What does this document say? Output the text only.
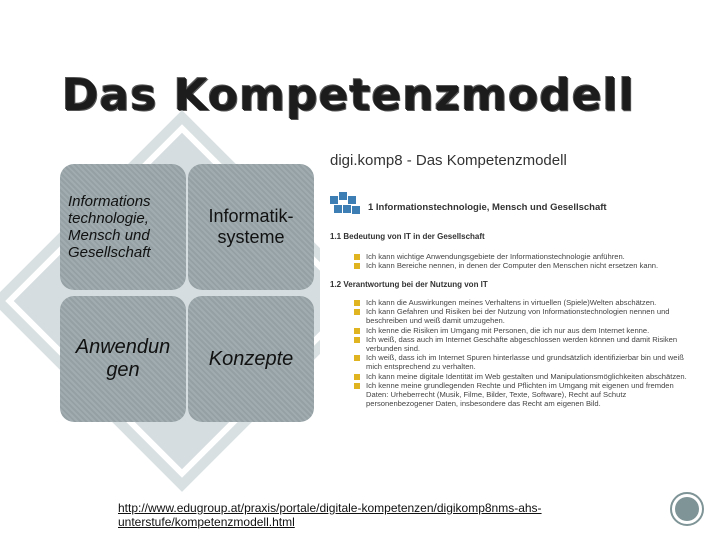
Das Kompetenzmodell
Informations technologie, Mensch und Gesellschaft
Informatik-systeme
Anwendun gen
Konzepte
digi.komp8 - Das Kompetenzmodell
1 Informationstechnologie, Mensch und Gesellschaft
1.1 Bedeutung von IT in der Gesellschaft
Ich kann wichtige Anwendungsgebiete der Informationstechnologie anführen.
Ich kann Bereiche nennen, in denen der Computer den Menschen nicht ersetzen kann.
1.2 Verantwortung bei der Nutzung von IT
Ich kann die Auswirkungen meines Verhaltens in virtuellen (Spiele)Welten abschätzen.
Ich kann Gefahren und Risiken bei der Nutzung von Informationstechnologien nennen und beschreiben und weiß damit umzugehen.
Ich kenne die Risiken im Umgang mit Personen, die ich nur aus dem Internet kenne.
Ich weiß, dass auch im Internet Geschäfte abgeschlossen werden können und damit Risiken verbunden sind.
Ich weiß, dass ich im Internet Spuren hinterlasse und grundsätzlich identifizierbar bin und weiß mich entsprechend zu verhalten.
Ich kann meine digitale Identität im Web gestalten und Manipulationsmöglichkeiten abschätzen.
Ich kenne meine grundlegenden Rechte und Pflichten im Umgang mit eigenen und fremden Daten: Urheberrecht (Musik, Filme, Bilder, Texte, Software), Recht auf Schutz personenbezogener Daten, insbesondere das Recht am eigenen Bild.
http://www.edugroup.at/praxis/portale/digitale-kompetenzen/digikomp8nms-ahs-unterstufe/kompetenzmodell.html
